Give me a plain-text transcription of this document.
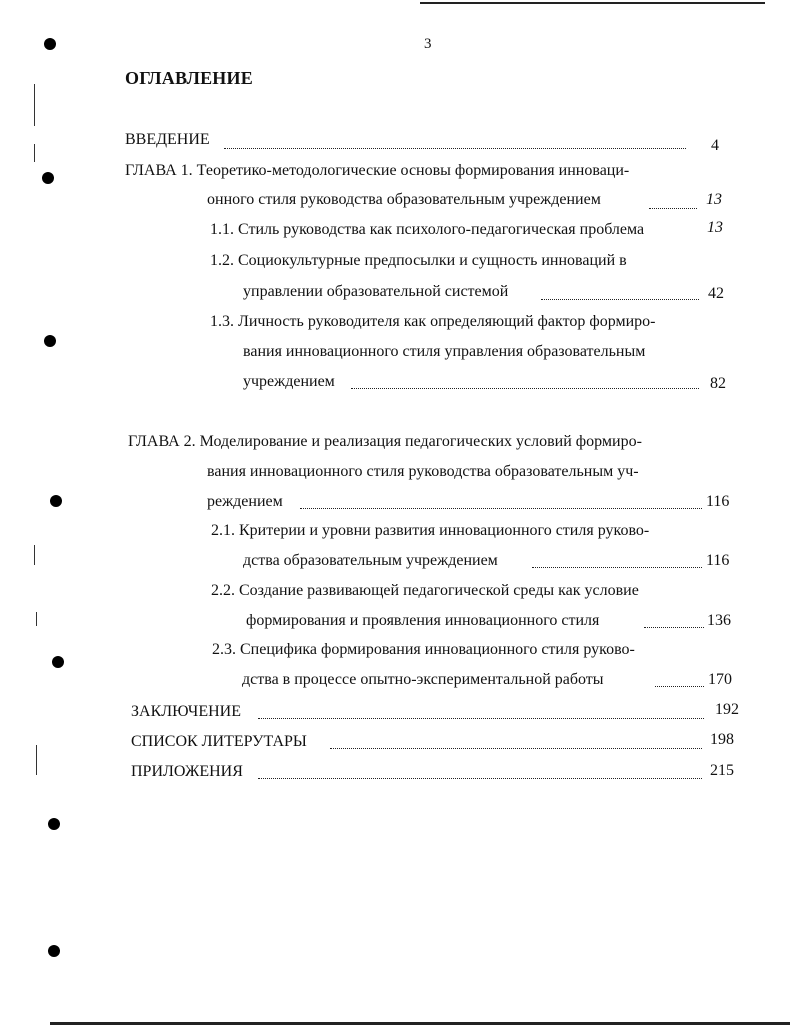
3
ОГЛАВЛЕНИЕ
ВВЕДЕНИЕ	4
ГЛАВА 1. Теоретико-методологические основы формирования инноваци-
онного стиля руководства образовательным учреждением	13
1.1. Стиль руководства как психолого-педагогическая проблема	13
1.2. Социокультурные предпосылки и сущность инноваций в
управлении образовательной системой	42
1.3. Личность руководителя как определяющий фактор формиро-
вания инновационного стиля управления образовательным
учреждением	82
ГЛАВА 2. Моделирование и реализация педагогических условий формиро-
вания инновационного стиля руководства образовательным уч-
реждением	116
2.1. Критерии и уровни развития инновационного стиля руково-
дства образовательным учреждением	116
2.2. Создание развивающей педагогической среды как условие
формирования и проявления инновационного стиля	136
2.3. Специфика формирования инновационного стиля руково-
дства в процессе опытно-экспериментальной работы	170
ЗАКЛЮЧЕНИЕ	192
СПИСОК ЛИТЕРУТАРЫ	198
ПРИЛОЖЕНИЯ	215
